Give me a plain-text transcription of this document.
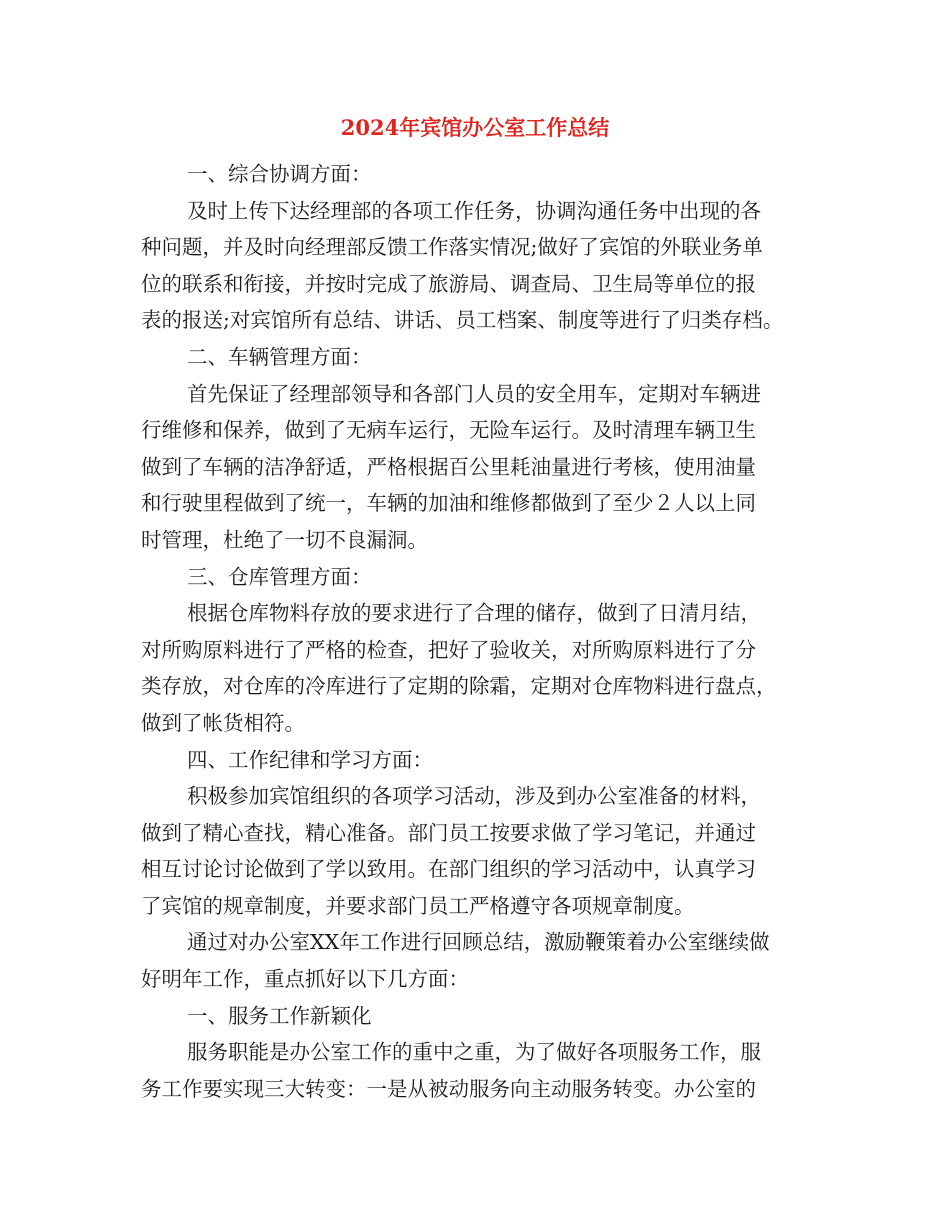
2024年宾馆办公室工作总结
一、综合协调方面：
及时上传下达经理部的各项工作任务，协调沟通任务中出现的各
种问题，并及时向经理部反馈工作落实情况;做好了宾馆的外联业务单
位的联系和衔接，并按时完成了旅游局、调查局、卫生局等单位的报
表的报送;对宾馆所有总结、讲话、员工档案、制度等进行了归类存档。
二、车辆管理方面：
首先保证了经理部领导和各部门人员的安全用车，定期对车辆进
行维修和保养，做到了无病车运行，无险车运行。及时清理车辆卫生
做到了车辆的洁净舒适，严格根据百公里耗油量进行考核，使用油量
和行驶里程做到了统一，车辆的加油和维修都做到了至少２人以上同
时管理，杜绝了一切不良漏洞。
三、仓库管理方面：
根据仓库物料存放的要求进行了合理的储存，做到了日清月结，
对所购原料进行了严格的检查，把好了验收关，对所购原料进行了分
类存放，对仓库的冷库进行了定期的除霜，定期对仓库物料进行盘点，
做到了帐货相符。
四、工作纪律和学习方面：
积极参加宾馆组织的各项学习活动，涉及到办公室准备的材料，
做到了精心查找，精心准备。部门员工按要求做了学习笔记，并通过
相互讨论讨论做到了学以致用。在部门组织的学习活动中，认真学习
了宾馆的规章制度，并要求部门员工严格遵守各项规章制度。
通过对办公室XX年工作进行回顾总结，激励鞭策着办公室继续做
好明年工作，重点抓好以下几方面：
一、服务工作新颖化
服务职能是办公室工作的重中之重，为了做好各项服务工作，服
务工作要实现三大转变：一是从被动服务向主动服务转变。办公室的
